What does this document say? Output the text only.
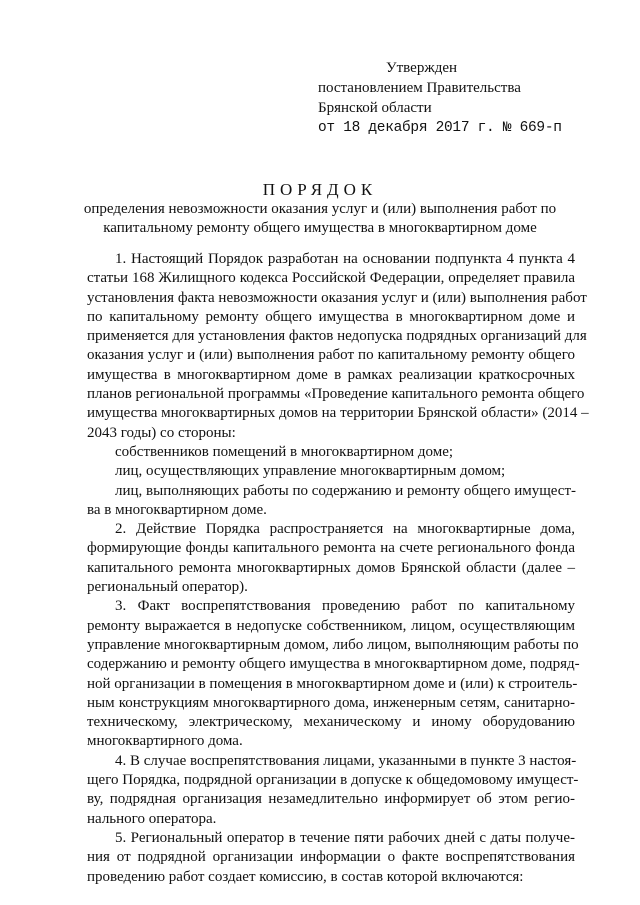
Утвержден
постановлением Правительства
Брянской области
от 18 декабря 2017 г. № 669-п
ПОРЯДОК
определения невозможности оказания услуг и (или) выполнения работ по
капитальному ремонту общего имущества в многоквартирном доме
1. Настоящий Порядок разработан на основании подпункта 4 пункта 4
статьи 168 Жилищного кодекса Российской Федерации, определяет правила
установления факта невозможности оказания услуг и (или) выполнения работ
по капитальному ремонту общего имущества в многоквартирном доме и
применяется для установления фактов недопуска подрядных организаций для
оказания услуг и (или) выполнения работ по капитальному ремонту общего
имущества в многоквартирном доме в рамках реализации краткосрочных
планов региональной программы «Проведение капитального ремонта общего
имущества многоквартирных домов на территории Брянской области» (2014 –
2043 годы) со стороны:
собственников помещений в многоквартирном доме;
лиц, осуществляющих управление многоквартирным домом;
лиц, выполняющих работы по содержанию и ремонту общего имущест-
ва в многоквартирном доме.
2. Действие Порядка распространяется на многоквартирные дома,
формирующие фонды капитального ремонта на счете регионального фонда
капитального ремонта многоквартирных домов Брянской области (далее –
региональный оператор).
3. Факт воспрепятствования проведению работ по капитальному
ремонту выражается в недопуске собственником, лицом, осуществляющим
управление многоквартирным домом, либо лицом, выполняющим работы по
содержанию и ремонту общего имущества в многоквартирном доме, подряд-
ной организации в помещения в многоквартирном доме и (или) к строитель-
ным конструкциям многоквартирного дома, инженерным сетям, санитарно-
техническому, электрическому, механическому и иному оборудованию
многоквартирного дома.
4. В случае воспрепятствования лицами, указанными в пункте 3 настоя-
щего Порядка, подрядной организации в допуске к общедомовому имущест-
ву, подрядная организация незамедлительно информирует об этом регио-
нального оператора.
5. Региональный оператор в течение пяти рабочих дней с даты получе-
ния от подрядной организации информации о факте воспрепятствования
проведению работ создает комиссию, в состав которой включаются:
